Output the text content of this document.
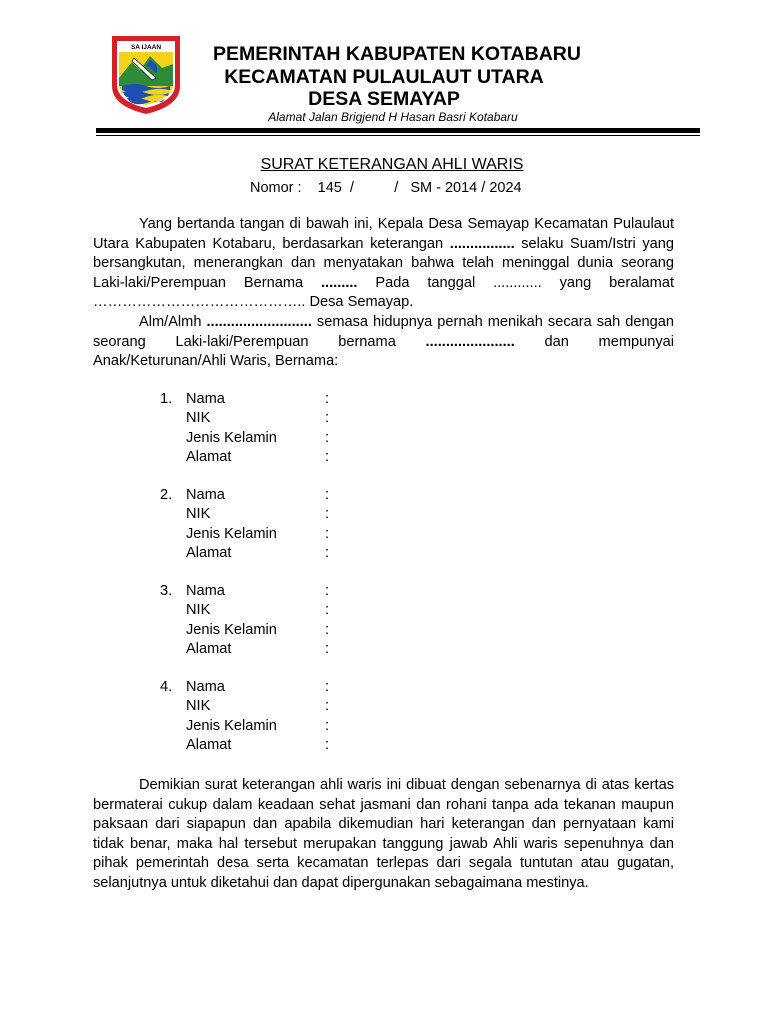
SA IJAAN	PEMERINTAH KABUPATEN KOTABARU
KECAMATAN PULAULAUT UTARA
DESA SEMAYAP
Alamat Jalan Brigjend H Hasan Basri Kotabaru
SURAT KETERANGAN AHLI WARIS
Nomor :    145  /          /   SM - 2014 / 2024
Yang bertanda tangan di bawah ini, Kepala Desa Semayap Kecamatan Pulaulaut Utara Kabupaten Kotabaru, berdasarkan keterangan ................ selaku Suam/Istri yang bersangkutan, menerangkan dan menyatakan bahwa telah meninggal dunia seorang Laki-laki/Perempuan Bernama ......... Pada tanggal ............ yang beralamat …………………………………….. Desa Semayap.
Alm/Almh .......................... semasa hidupnya pernah menikah secara sah dengan seorang Laki-laki/Perempuan bernama ...................... dan mempunyai Anak/Keturunan/Ahli Waris, Bernama:
1. Nama	:
NIK	:
Jenis Kelamin	:
Alamat	:
2. Nama	:
NIK	:
Jenis Kelamin	:
Alamat	:
3. Nama	:
NIK	:
Jenis Kelamin	:
Alamat	:
4. Nama	:
NIK	:
Jenis Kelamin	:
Alamat	:
Demikian surat keterangan ahli waris ini dibuat dengan sebenarnya di atas kertas bermaterai cukup dalam keadaan sehat jasmani dan rohani tanpa ada tekanan maupun paksaan dari siapapun dan apabila dikemudian hari keterangan dan pernyataan kami tidak benar, maka hal tersebut merupakan tanggung jawab Ahli waris sepenuhnya dan pihak pemerintah desa serta kecamatan terlepas dari segala tuntutan atau gugatan, selanjutnya untuk diketahui dan dapat dipergunakan sebagaimana mestinya.
